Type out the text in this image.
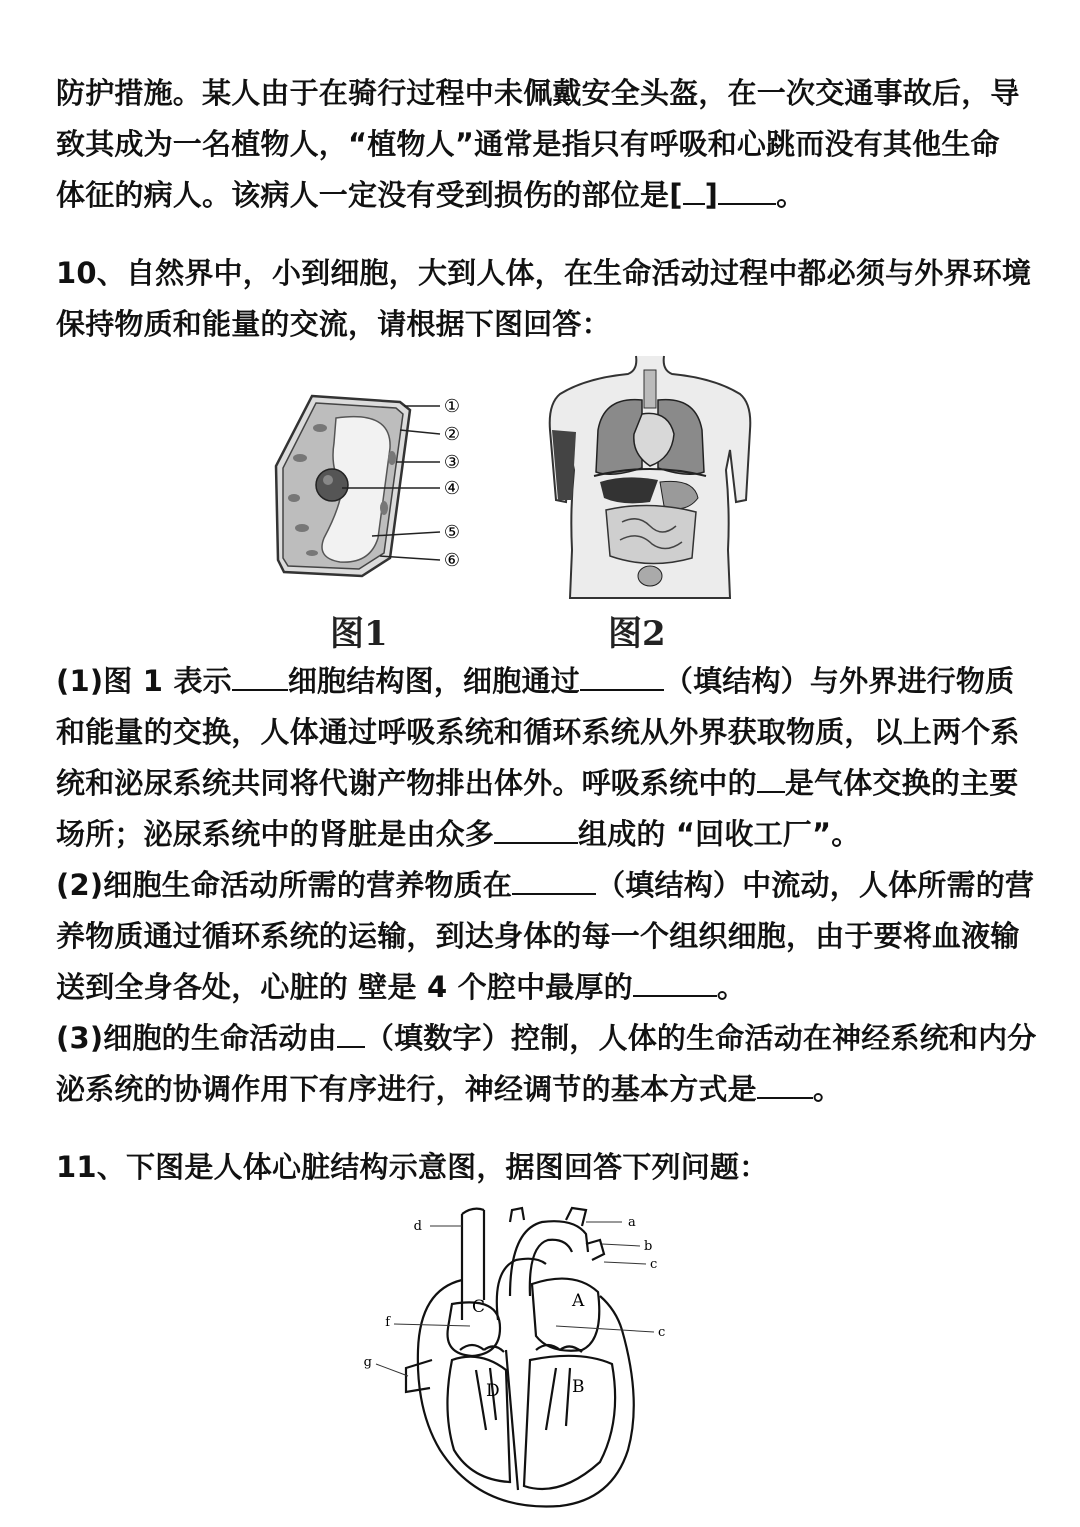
防护措施。某人由于在骑行过程中未佩戴安全头盔，在一次交通事故后，导
致其成为一名植物人，“植物人”通常是指只有呼吸和心跳而没有其他生命
体征的病人。该病人一定没有受到损伤的部位是[ ] 。
10、自然界中，小到细胞，大到人体，在生命活动过程中都必须与外界环境
保持物质和能量的交流，请根据下图回答：
①
②
③
④
⑤
⑥
图1	图2
(1)图 1 表示 细胞结构图，细胞通过	（填结构）与外界进行物质
和能量的交换，人体通过呼吸系统和循环系统从外界获取物质，以上两个系
统和泌尿系统共同将代谢产物排出体外。呼吸系统中的 是气体交换的主要
场所；泌尿系统中的肾脏是由众多	组成的 “回收工厂”。
(2)细胞生命活动所需的营养物质在	（填结构）中流动，人体所需的营
养物质通过循环系统的运输，到达身体的每一个组织细胞，由于要将血液输
送到全身各处，心脏的 壁是 4 个腔中最厚的	。
(3)细胞的生命活动由 （填数字）控制，人体的生命活动在神经系统和内分
泌系统的协调作用下有序进行，神经调节的基本方式是 。
11、下图是人体心脏结构示意图，据图回答下列问题：
d	a
b
c
f
c
g
A
B
C
D
